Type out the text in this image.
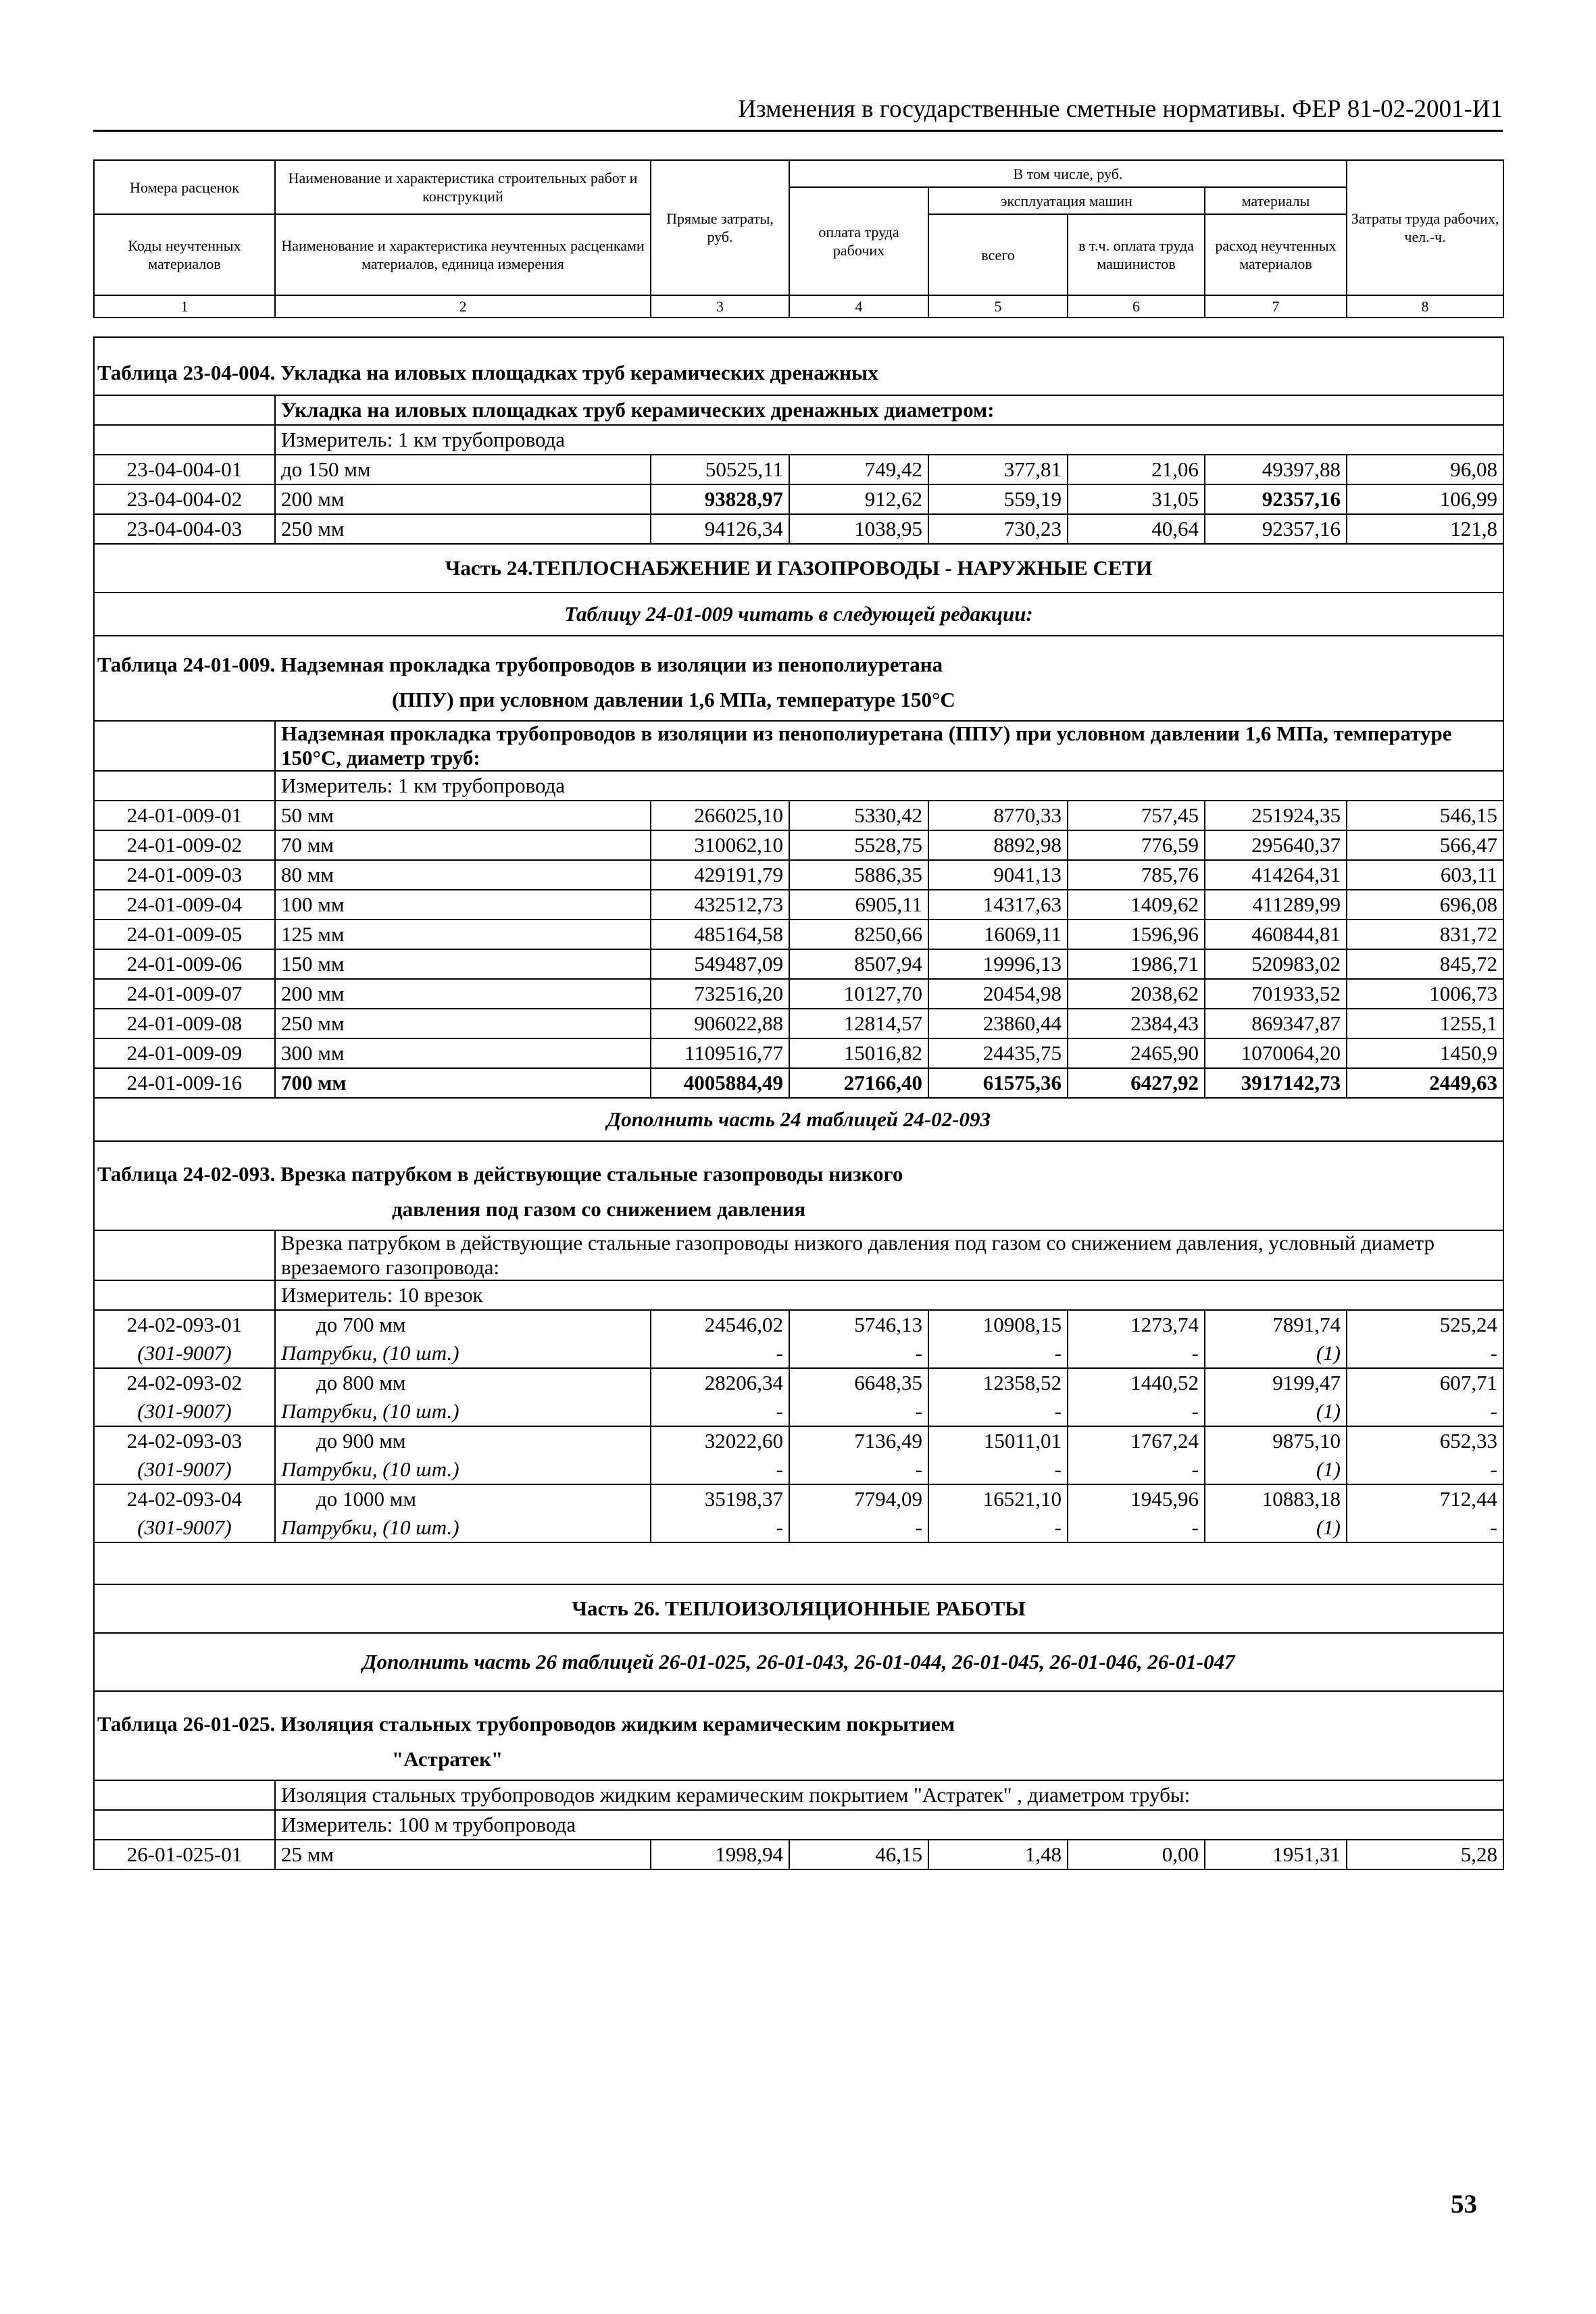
Изменения в государственные сметные нормативы. ФЕР 81-02-2001-И1
Номера расценок	Наименование и характеристика строительных работ и конструкций	Прямые затраты, руб.	В том числе, руб.				Затраты труда рабочих, чел.-ч.
			оплата труда рабочих	эксплуатация машин		материалы	
Коды неучтенных материалов	Наименование и характеристика неучтенных расценками материалов, единица измерения			всего	в т.ч. оплата труда машинистов	расход неучтенных материалов	

1	2	3	4	5	6	7	8
Таблица 23-04-004. Укладка на иловых площадках труб керамических дренажных							
	Укладка на иловых площадках труб керамических дренажных диаметром:						
	Измеритель: 1 км трубопровода						
23-04-004-01	до 150 мм	50525,11	749,42	377,81	21,06	49397,88	96,08
23-04-004-02	200 мм	93828,97	912,62	559,19	31,05	92357,16	106,99
23-04-004-03	250 мм	94126,34	1038,95	730,23	40,64	92357,16	121,8
Часть 24.ТЕПЛОСНАБЖЕНИЕ И ГАЗОПРОВОДЫ - НАРУЖНЫЕ СЕТИ							
Таблицу 24-01-009 читать в следующей редакции:							
Таблица 24-01-009. Надземная прокладка трубопроводов в изоляции из пенополиуретана
(ППУ) при условном давлении 1,6 МПа, температуре 150°С							
	Надземная прокладка трубопроводов в изоляции из пенополиуретана (ППУ) при условном давлении 1,6 МПа, температуре 150°С, диаметр труб:						
	Измеритель: 1 км трубопровода						
24-01-009-01	50 мм	266025,10	5330,42	8770,33	757,45	251924,35	546,15
24-01-009-02	70 мм	310062,10	5528,75	8892,98	776,59	295640,37	566,47
24-01-009-03	80 мм	429191,79	5886,35	9041,13	785,76	414264,31	603,11
24-01-009-04	100 мм	432512,73	6905,11	14317,63	1409,62	411289,99	696,08
24-01-009-05	125 мм	485164,58	8250,66	16069,11	1596,96	460844,81	831,72
24-01-009-06	150 мм	549487,09	8507,94	19996,13	1986,71	520983,02	845,72
24-01-009-07	200 мм	732516,20	10127,70	20454,98	2038,62	701933,52	1006,73
24-01-009-08	250 мм	906022,88	12814,57	23860,44	2384,43	869347,87	1255,1
24-01-009-09	300 мм	1109516,77	15016,82	24435,75	2465,90	1070064,20	1450,9
24-01-009-16	700 мм	4005884,49	27166,40	61575,36	6427,92	3917142,73	2449,63
Дополнить часть 24 таблицей 24-02-093							
Таблица 24-02-093. Врезка патрубком в действующие стальные газопроводы низкого
давления под газом со снижением давления							
	Врезка патрубком в действующие стальные газопроводы низкого давления под газом со снижением давления, условный диаметр врезаемого газопровода:						
	Измеритель: 10 врезок						
24-02-093-01	до 700 мм	24546,02	5746,13	10908,15	1273,74	7891,74	525,24
(301-9007)	Патрубки, (10 шт.)	-	-	-	-	(1)	-
24-02-093-02	до 800 мм	28206,34	6648,35	12358,52	1440,52	9199,47	607,71
(301-9007)	Патрубки, (10 шт.)	-	-	-	-	(1)	-
24-02-093-03	до 900 мм	32022,60	7136,49	15011,01	1767,24	9875,10	652,33
(301-9007)	Патрубки, (10 шт.)	-	-	-	-	(1)	-
24-02-093-04	до 1000 мм	35198,37	7794,09	16521,10	1945,96	10883,18	712,44
(301-9007)	Патрубки, (10 шт.)	-	-	-	-	(1)	-

Часть 26. ТЕПЛОИЗОЛЯЦИОННЫЕ РАБОТЫ							
Дополнить часть 26 таблицей 26-01-025, 26-01-043, 26-01-044, 26-01-045, 26-01-046, 26-01-047							
Таблица 26-01-025. Изоляция стальных трубопроводов жидким керамическим покрытием
"Астратек"							
	Изоляция стальных трубопроводов жидким керамическим покрытием "Астратек" , диаметром трубы:						
	Измеритель: 100 м трубопровода						
26-01-025-01	25 мм	1998,94	46,15	1,48	0,00	1951,31	5,28
53
